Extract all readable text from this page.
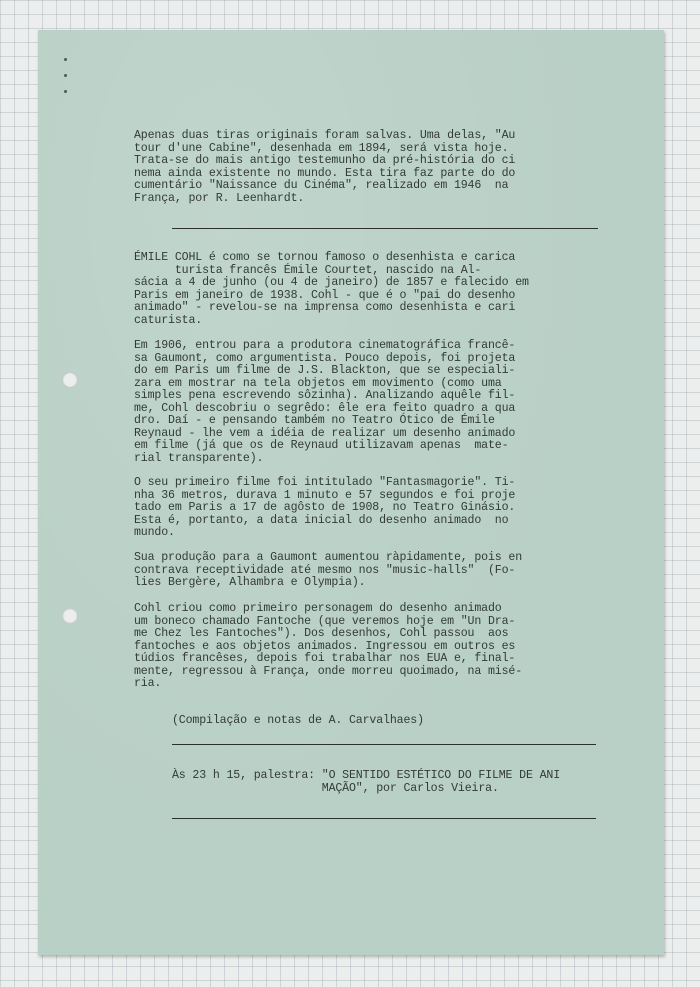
Apenas duas tiras originais foram salvas. Uma delas, "Au
tour d'une Cabine", desenhada em 1894, será vista hoje.
Trata-se do mais antigo testemunho da pré-história do ci
nema ainda existente no mundo. Esta tira faz parte do do
cumentário "Naissance du Cinéma", realizado em 1946  na
França, por R. Leenhardt.

ÉMILE COHL é como se tornou famoso o desenhista e carica
turista francês Émile Courtet, nascido na Al-
sácia a 4 de junho (ou 4 de janeiro) de 1857 e falecido em
Paris em janeiro de 1938. Cohl - que é o "pai do desenho
animado" - revelou-se na imprensa como desenhista e cari
caturista.

Em 1906, entrou para a produtora cinematográfica francê-
sa Gaumont, como argumentista. Pouco depois, foi projeta
do em Paris um filme de J.S. Blackton, que se especiali-
zara em mostrar na tela objetos em movimento (como uma
simples pena escrevendo sôzinha). Analizando aquêle fil-
me, Cohl descobriu o segrêdo: êle era feito quadro a qua
dro. Daí - e pensando também no Teatro Ótico de Émile
Reynaud - lhe vem a idéia de realizar um desenho animado
em filme (já que os de Reynaud utilizavam apenas  mate-
rial transparente).

O seu primeiro filme foi intitulado "Fantasmagorie". Ti-
nha 36 metros, durava 1 minuto e 57 segundos e foi proje
tado em Paris a 17 de agôsto de 1908, no Teatro Ginásio.
Esta é, portanto, a data inicial do desenho animado  no
mundo.

Sua produção para a Gaumont aumentou ràpidamente, pois en
contrava receptividade até mesmo nos "music-halls"  (Fo-
lies Bergère, Alhambra e Olympia).

Cohl criou como primeiro personagem do desenho animado
um boneco chamado Fantoche (que veremos hoje em "Un Dra-
me Chez les Fantoches"). Dos desenhos, Cohl passou  aos
fantoches e aos objetos animados. Ingressou em outros es
túdios francêses, depois foi trabalhar nos EUA e, final-
mente, regressou à França, onde morreu quoimado, na misé-
ria.

(Compilação e notas de A. Carvalhaes)

Às 23 h 15, palestra: "O SENTIDO ESTÉTICO DO FILME DE ANI
MAÇÃO", por Carlos Vieira.
